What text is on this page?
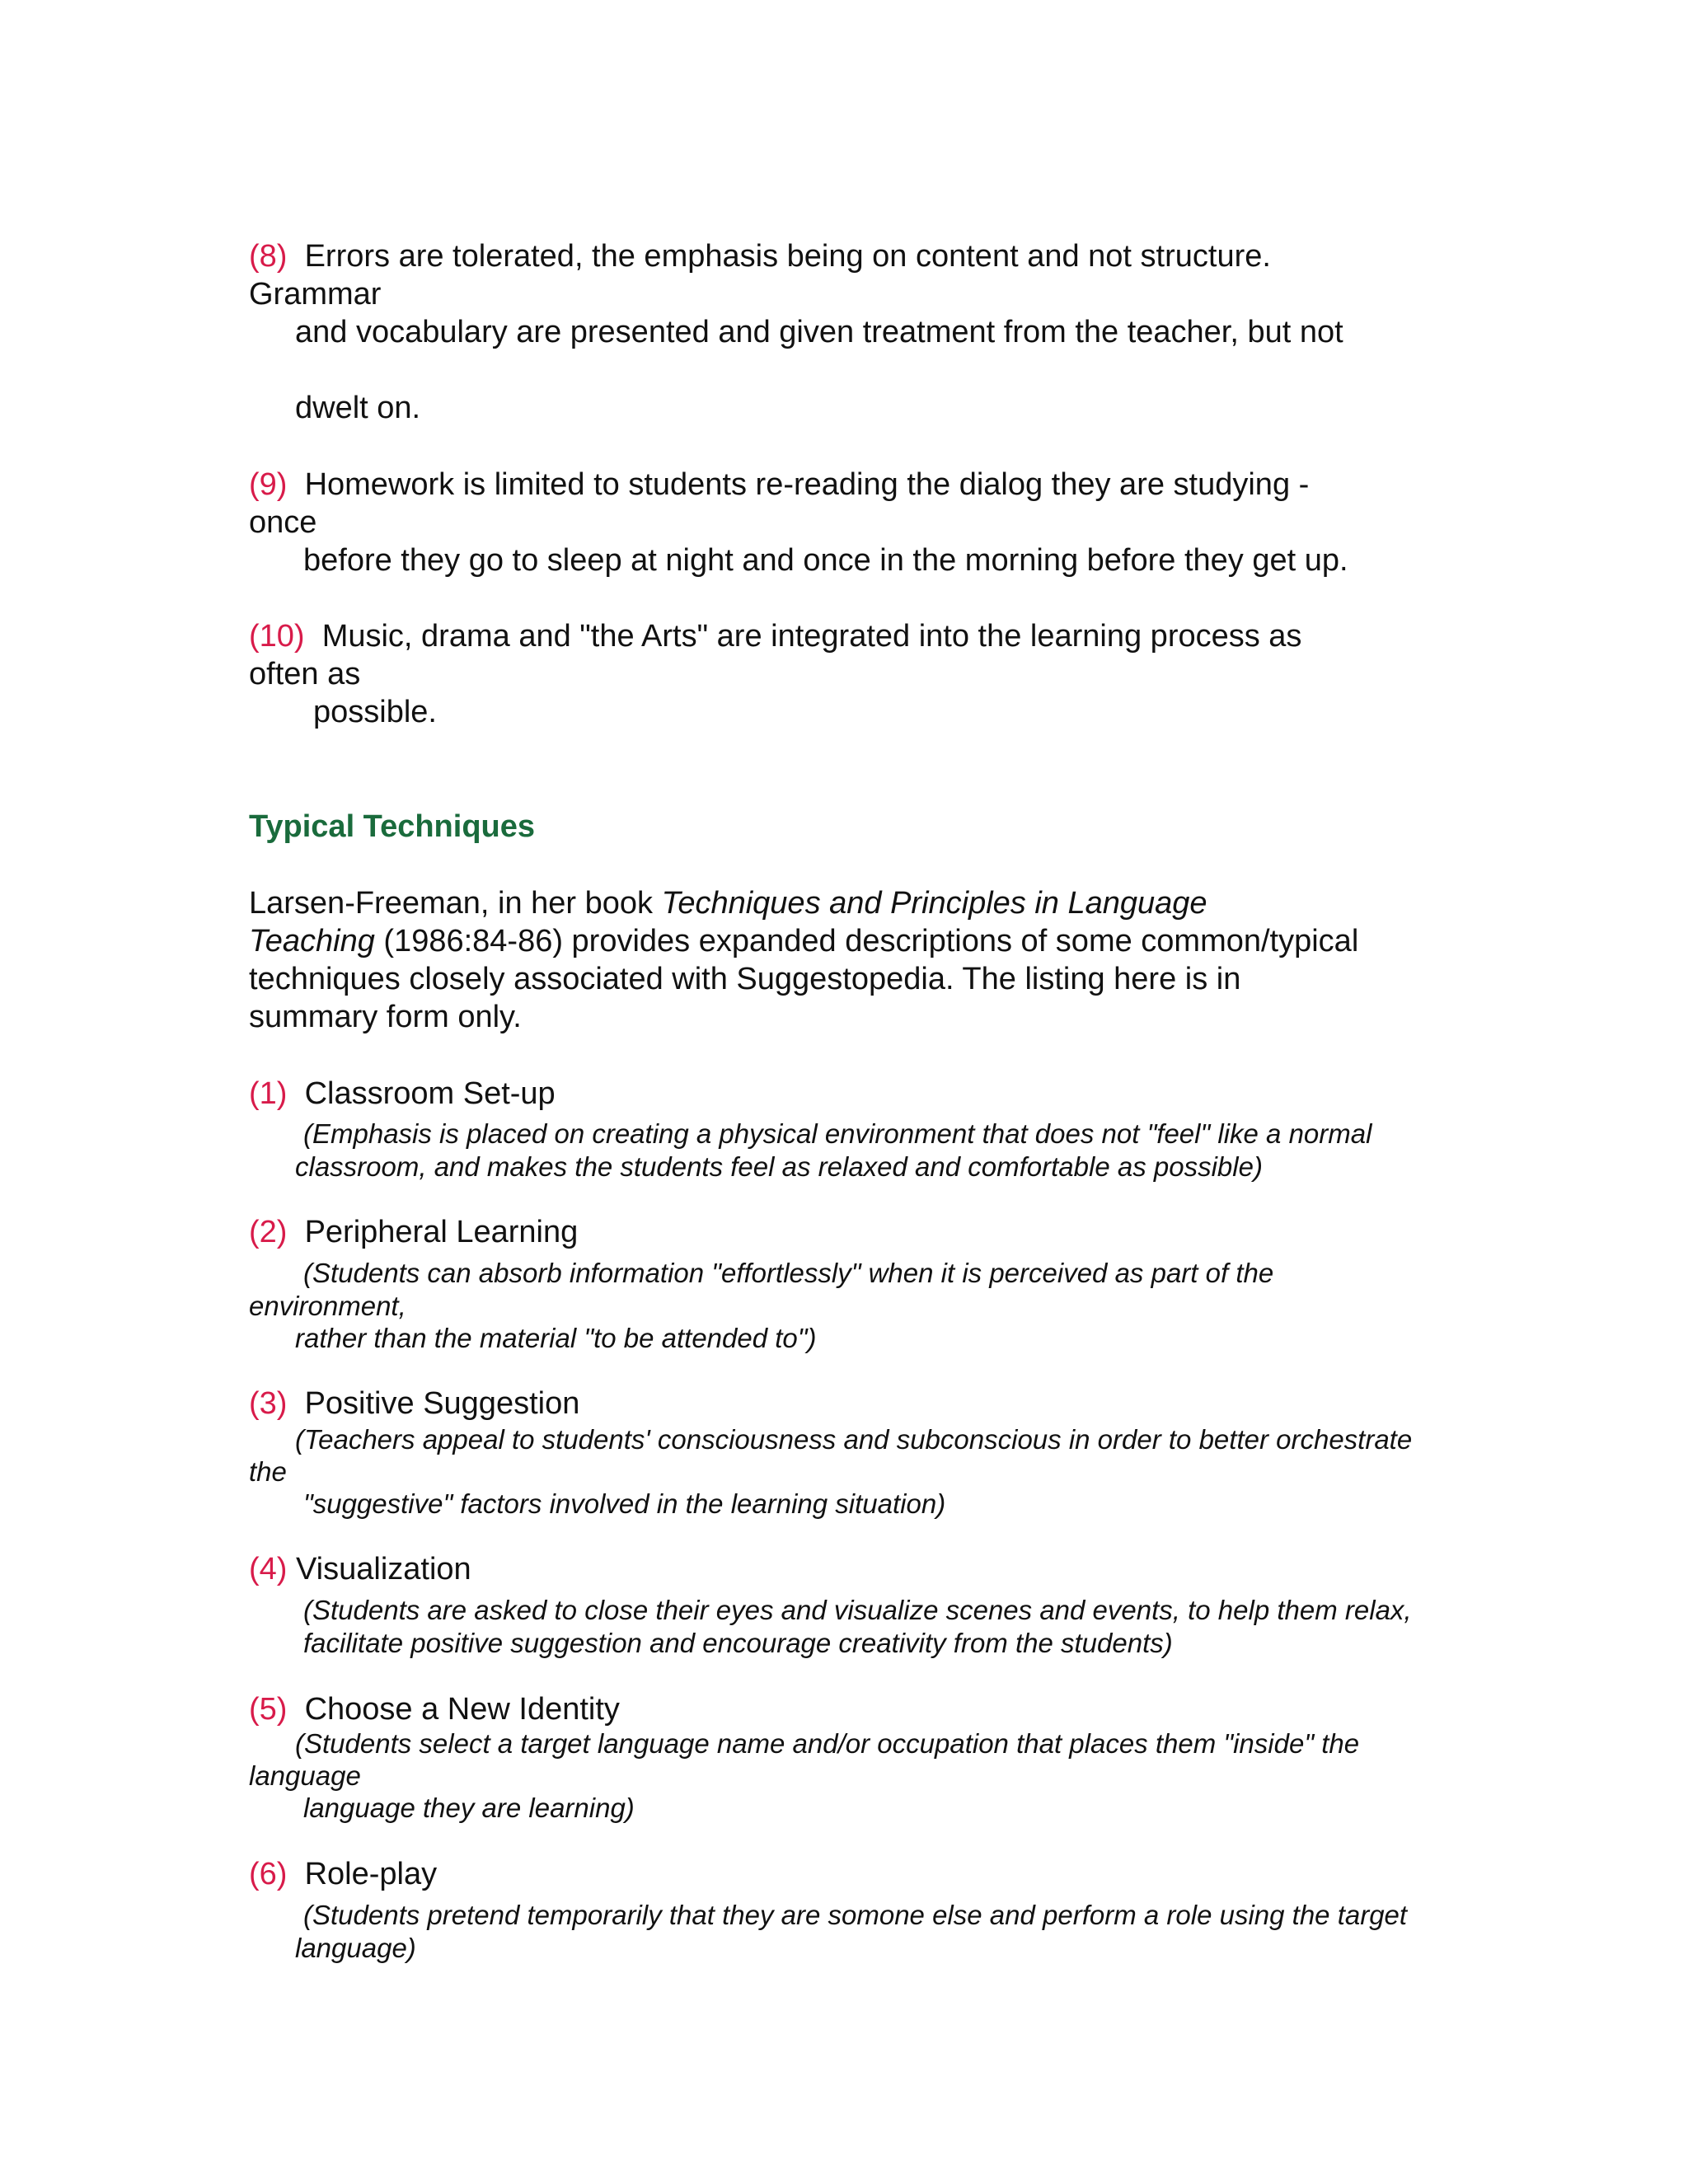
(8) Errors are tolerated, the emphasis being on content and not structure.
Grammar
and vocabulary are presented and given treatment from the teacher, but not
dwelt on.
(9) Homework is limited to students re-reading the dialog they are studying -
once
before they go to sleep at night and once in the morning before they get up.
(10) Music, drama and "the Arts" are integrated into the learning process as
often as
possible.
Typical Techniques
Larsen-Freeman, in her book Techniques and Principles in Language
Teaching (1986:84-86) provides expanded descriptions of some common/typical
techniques closely associated with Suggestopedia. The listing here is in
summary form only.
(1) Classroom Set-up
(Emphasis is placed on creating a physical environment that does not "feel" like a normal
classroom, and makes the students feel as relaxed and comfortable as possible)
(2) Peripheral Learning
(Students can absorb information "effortlessly" when it is perceived as part of the
environment,
rather than the material "to be attended to")
(3) Positive Suggestion
(Teachers appeal to students' consciousness and subconscious in order to better orchestrate
the
"suggestive" factors involved in the learning situation)
(4) Visualization
(Students are asked to close their eyes and visualize scenes and events, to help them relax,
facilitate positive suggestion and encourage creativity from the students)
(5) Choose a New Identity
(Students select a target language name and/or occupation that places them "inside" the
language
language they are learning)
(6) Role-play
(Students pretend temporarily that they are somone else and perform a role using the target
language)
